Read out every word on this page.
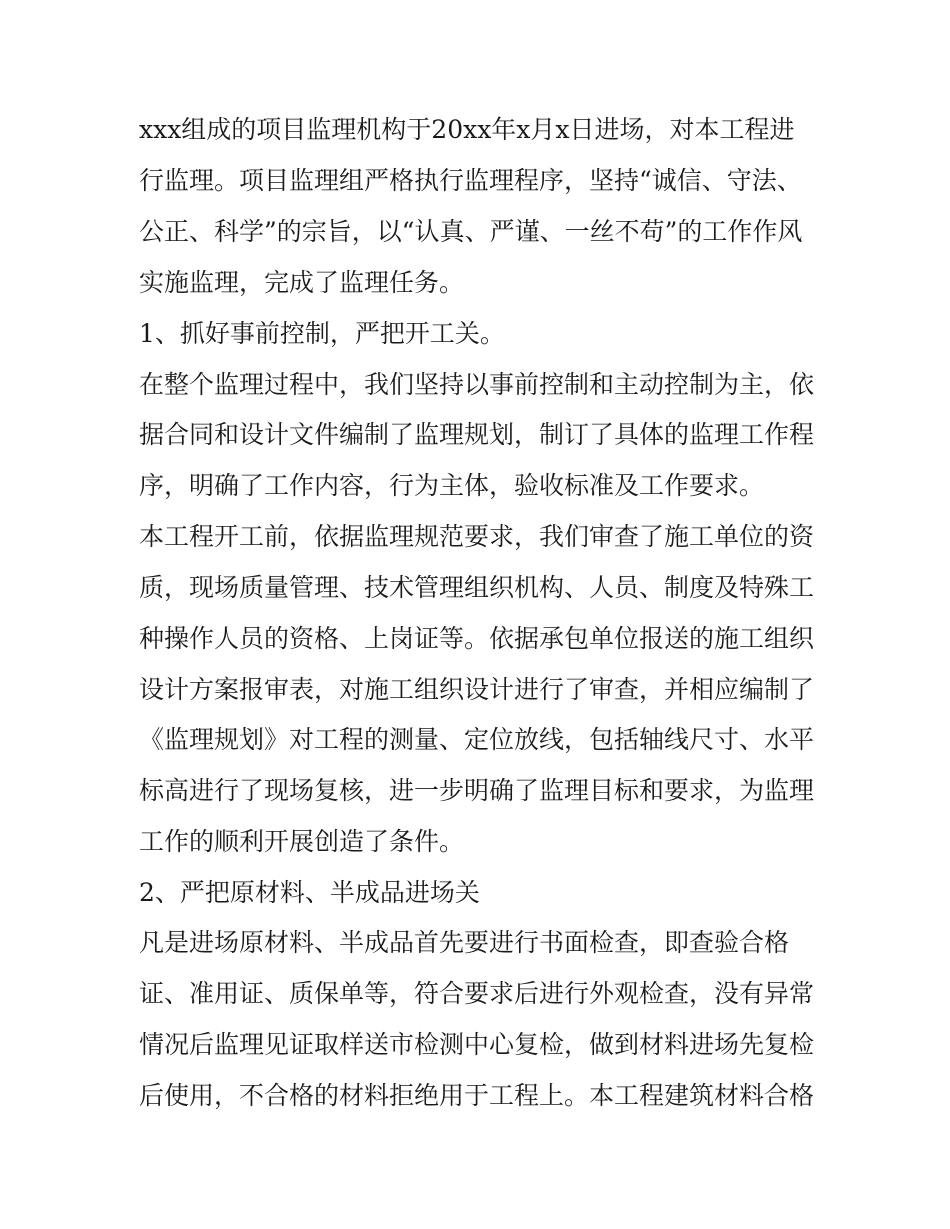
xxx组成的项目监理机构于20xx年x月x日进场，对本工程进
行监理。项目监理组严格执行监理程序，坚持“诚信、守法、
公正、科学”的宗旨，以“认真、严谨、一丝不苟”的工作作风
实施监理，完成了监理任务。
1、抓好事前控制，严把开工关。
在整个监理过程中，我们坚持以事前控制和主动控制为主，依
据合同和设计文件编制了监理规划，制订了具体的监理工作程
序，明确了工作内容，行为主体，验收标准及工作要求。
本工程开工前，依据监理规范要求，我们审查了施工单位的资
质，现场质量管理、技术管理组织机构、人员、制度及特殊工
种操作人员的资格、上岗证等。依据承包单位报送的施工组织
设计方案报审表，对施工组织设计进行了审查，并相应编制了
《监理规划》对工程的测量、定位放线，包括轴线尺寸、水平
标高进行了现场复核，进一步明确了监理目标和要求，为监理
工作的顺利开展创造了条件。
2、严把原材料、半成品进场关
凡是进场原材料、半成品首先要进行书面检查，即查验合格
证、准用证、质保单等，符合要求后进行外观检查，没有异常
情况后监理见证取样送市检测中心复检，做到材料进场先复检
后使用，不合格的材料拒绝用于工程上。本工程建筑材料合格
